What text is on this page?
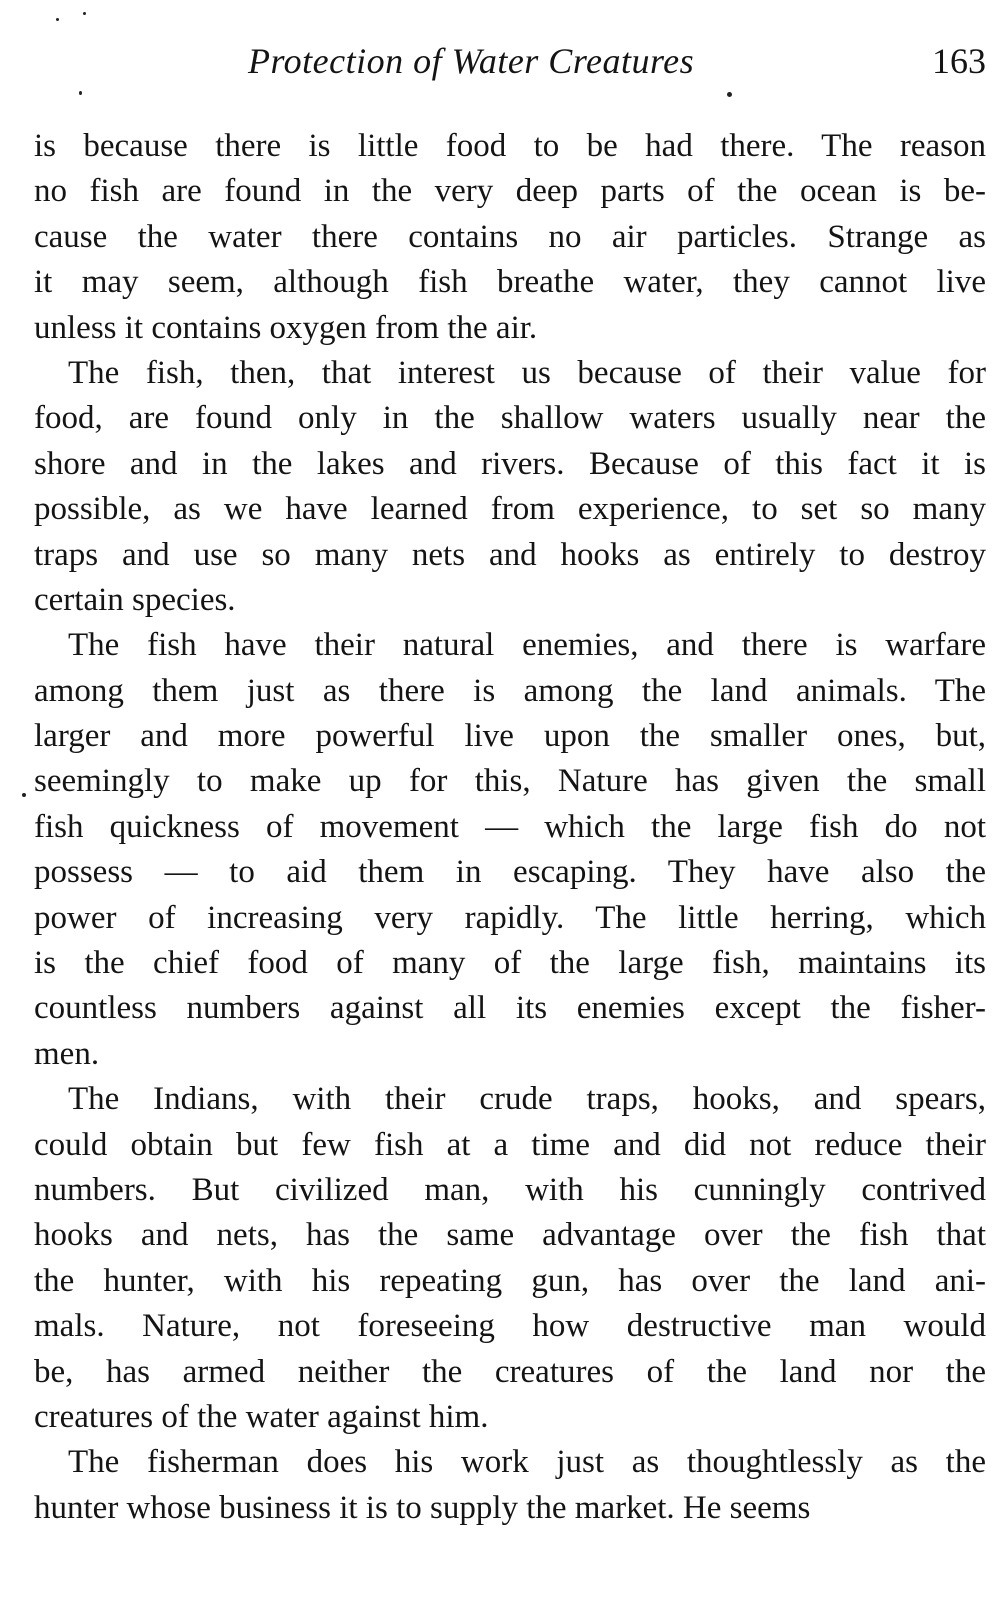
Protection of Water Creatures	163
is because there is little food to be had there. The reason
no fish are found in the very deep parts of the ocean is be-
cause the water there contains no air particles. Strange as
it may seem, although fish breathe water, they cannot live
unless it contains oxygen from the air.
The fish, then, that interest us because of their value for
food, are found only in the shallow waters usually near the
shore and in the lakes and rivers. Because of this fact it is
possible, as we have learned from experience, to set so many
traps and use so many nets and hooks as entirely to destroy
certain species.
The fish have their natural enemies, and there is warfare
among them just as there is among the land animals. The
larger and more powerful live upon the smaller ones, but,
seemingly to make up for this, Nature has given the small
fish quickness of movement — which the large fish do not
possess — to aid them in escaping. They have also the
power of increasing very rapidly. The little herring, which
is the chief food of many of the large fish, maintains its
countless numbers against all its enemies except the fisher-
men.
The Indians, with their crude traps, hooks, and spears,
could obtain but few fish at a time and did not reduce their
numbers. But civilized man, with his cunningly contrived
hooks and nets, has the same advantage over the fish that
the hunter, with his repeating gun, has over the land ani-
mals. Nature, not foreseeing how destructive man would
be, has armed neither the creatures of the land nor the
creatures of the water against him.
The fisherman does his work just as thoughtlessly as the
hunter whose business it is to supply the market. He seems
